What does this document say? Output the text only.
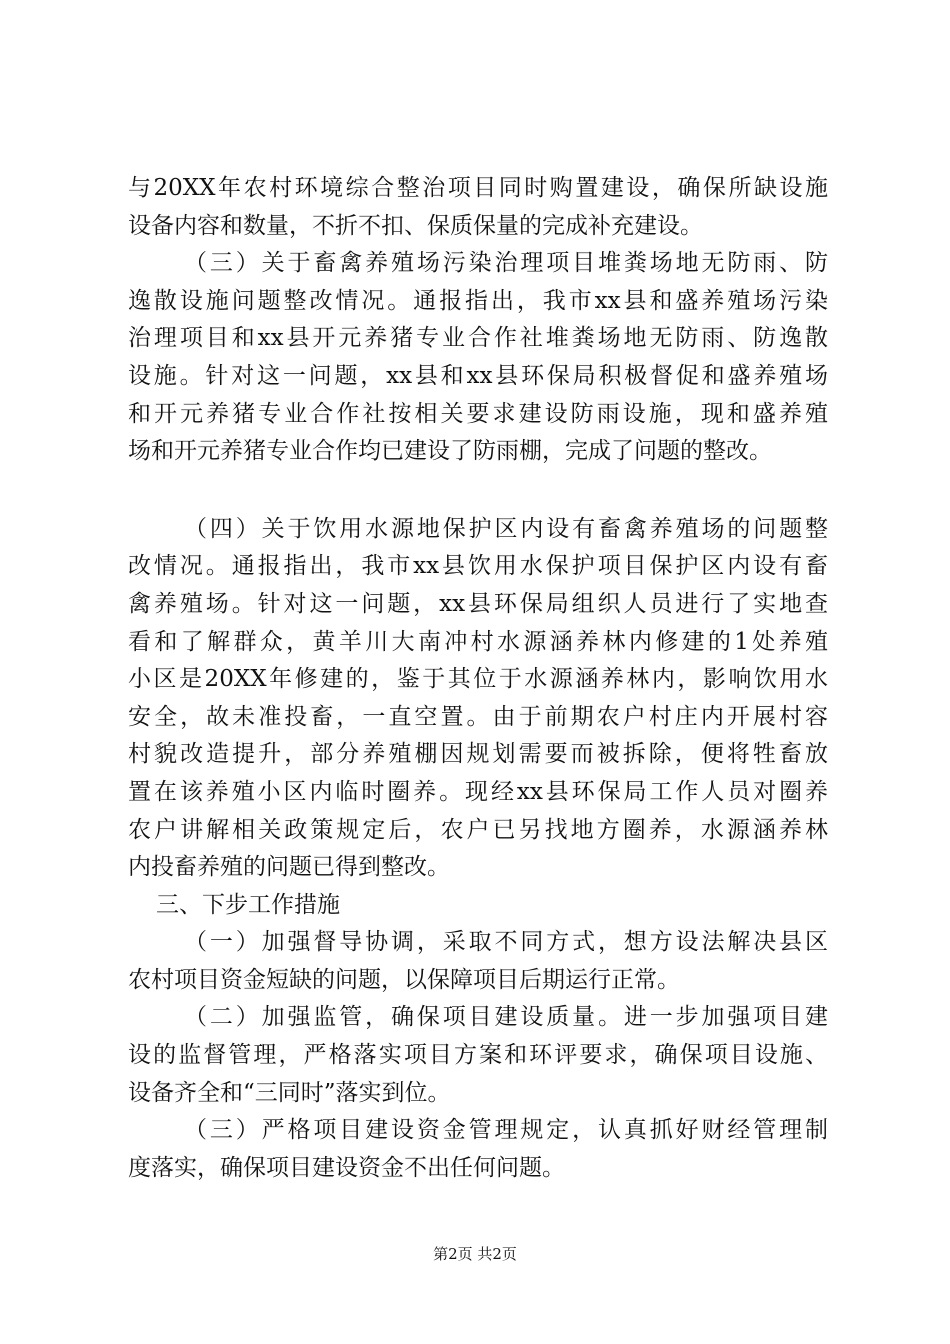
与20XX年农村环境综合整治项目同时购置建设，确保所缺设施
设备内容和数量，不折不扣、保质保量的完成补充建设。
（三）关于畜禽养殖场污染治理项目堆粪场地无防雨、防
逸散设施问题整改情况。通报指出，我市xx县和盛养殖场污染
治理项目和xx县开元养猪专业合作社堆粪场地无防雨、防逸散
设施。针对这一问题，xx县和xx县环保局积极督促和盛养殖场
和开元养猪专业合作社按相关要求建设防雨设施，现和盛养殖
场和开元养猪专业合作均已建设了防雨棚，完成了问题的整改。
（四）关于饮用水源地保护区内设有畜禽养殖场的问题整
改情况。通报指出，我市xx县饮用水保护项目保护区内设有畜
禽养殖场。针对这一问题，xx县环保局组织人员进行了实地查
看和了解群众，黄羊川大南冲村水源涵养林内修建的1处养殖
小区是20XX年修建的，鉴于其位于水源涵养林内，影响饮用水
安全，故未准投畜，一直空置。由于前期农户村庄内开展村容
村貌改造提升，部分养殖棚因规划需要而被拆除，便将牲畜放
置在该养殖小区内临时圈养。现经xx县环保局工作人员对圈养
农户讲解相关政策规定后，农户已另找地方圈养，水源涵养林
内投畜养殖的问题已得到整改。
三、下步工作措施
（一）加强督导协调，采取不同方式，想方设法解决县区
农村项目资金短缺的问题，以保障项目后期运行正常。
（二）加强监管，确保项目建设质量。进一步加强项目建
设的监督管理，严格落实项目方案和环评要求，确保项目设施、
设备齐全和“三同时”落实到位。
（三）严格项目建设资金管理规定，认真抓好财经管理制
度落实，确保项目建设资金不出任何问题。
第2页 共2页
